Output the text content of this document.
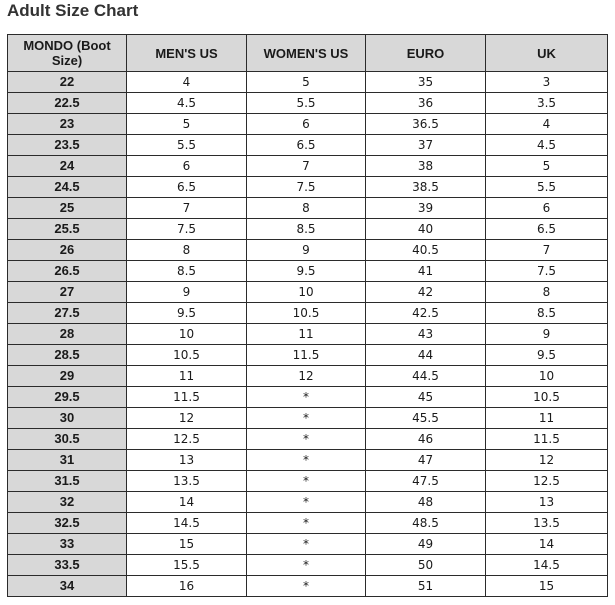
Adult Size Chart
MONDO (Boot Size)	MEN'S US	WOMEN'S US	EURO	UK
22	4	5	35	3
22.5	4.5	5.5	36	3.5
23	5	6	36.5	4
23.5	5.5	6.5	37	4.5
24	6	7	38	5
24.5	6.5	7.5	38.5	5.5
25	7	8	39	6
25.5	7.5	8.5	40	6.5
26	8	9	40.5	7
26.5	8.5	9.5	41	7.5
27	9	10	42	8
27.5	9.5	10.5	42.5	8.5
28	10	11	43	9
28.5	10.5	11.5	44	9.5
29	11	12	44.5	10
29.5	11.5	*	45	10.5
30	12	*	45.5	11
30.5	12.5	*	46	11.5
31	13	*	47	12
31.5	13.5	*	47.5	12.5
32	14	*	48	13
32.5	14.5	*	48.5	13.5
33	15	*	49	14
33.5	15.5	*	50	14.5
34	16	*	51	15
